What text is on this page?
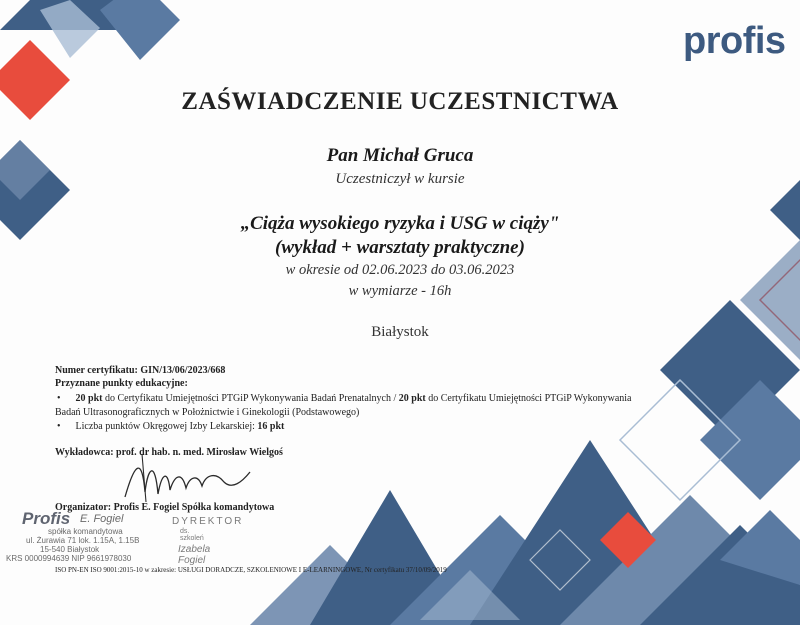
profis
ZAŚWIADCZENIE UCZESTNICTWA
Pan Michał Gruca
Uczestniczył w kursie
„Ciąża wysokiego ryzyka i USG w ciąży"
(wykład + warsztaty praktyczne)
w okresie od 02.06.2023 do 03.06.2023
w wymiarze - 16h
Białystok
Numer certyfikatu: GIN/13/06/2023/668
Przyznane punkty edukacyjne:
• 20 pkt do Certyfikatu Umiejętności PTGiP Wykonywania Badań Prenatalnych / 20 pkt do Certyfikatu Umiejętności PTGiP Wykonywania
Badań Ultrasonograficznych w Położnictwie i Ginekologii (Podstawowego)
• Liczba punktów Okręgowej Izby Lekarskiej: 16 pkt
Wykładowca: prof. dr hab. n. med. Mirosław Wielgoś
Organizator: Profis E. Fogiel Spółka komandytowa
Profis E. Fogiel
spółka komandytowa
ul. Żurawia 71 lok. 1.15A, 1.15B
15-540 Białystok
KRS 0000994639 NIP 9661978030
DYREKTOR
ds. szkoleń
Izabela Fogiel
ISO PN-EN ISO 9001:2015-10 w zakresie: USŁUGI DORADCZE, SZKOLENIOWE I E-LEARNINGOWE, Nr certyfikatu 37/10/09/2019
